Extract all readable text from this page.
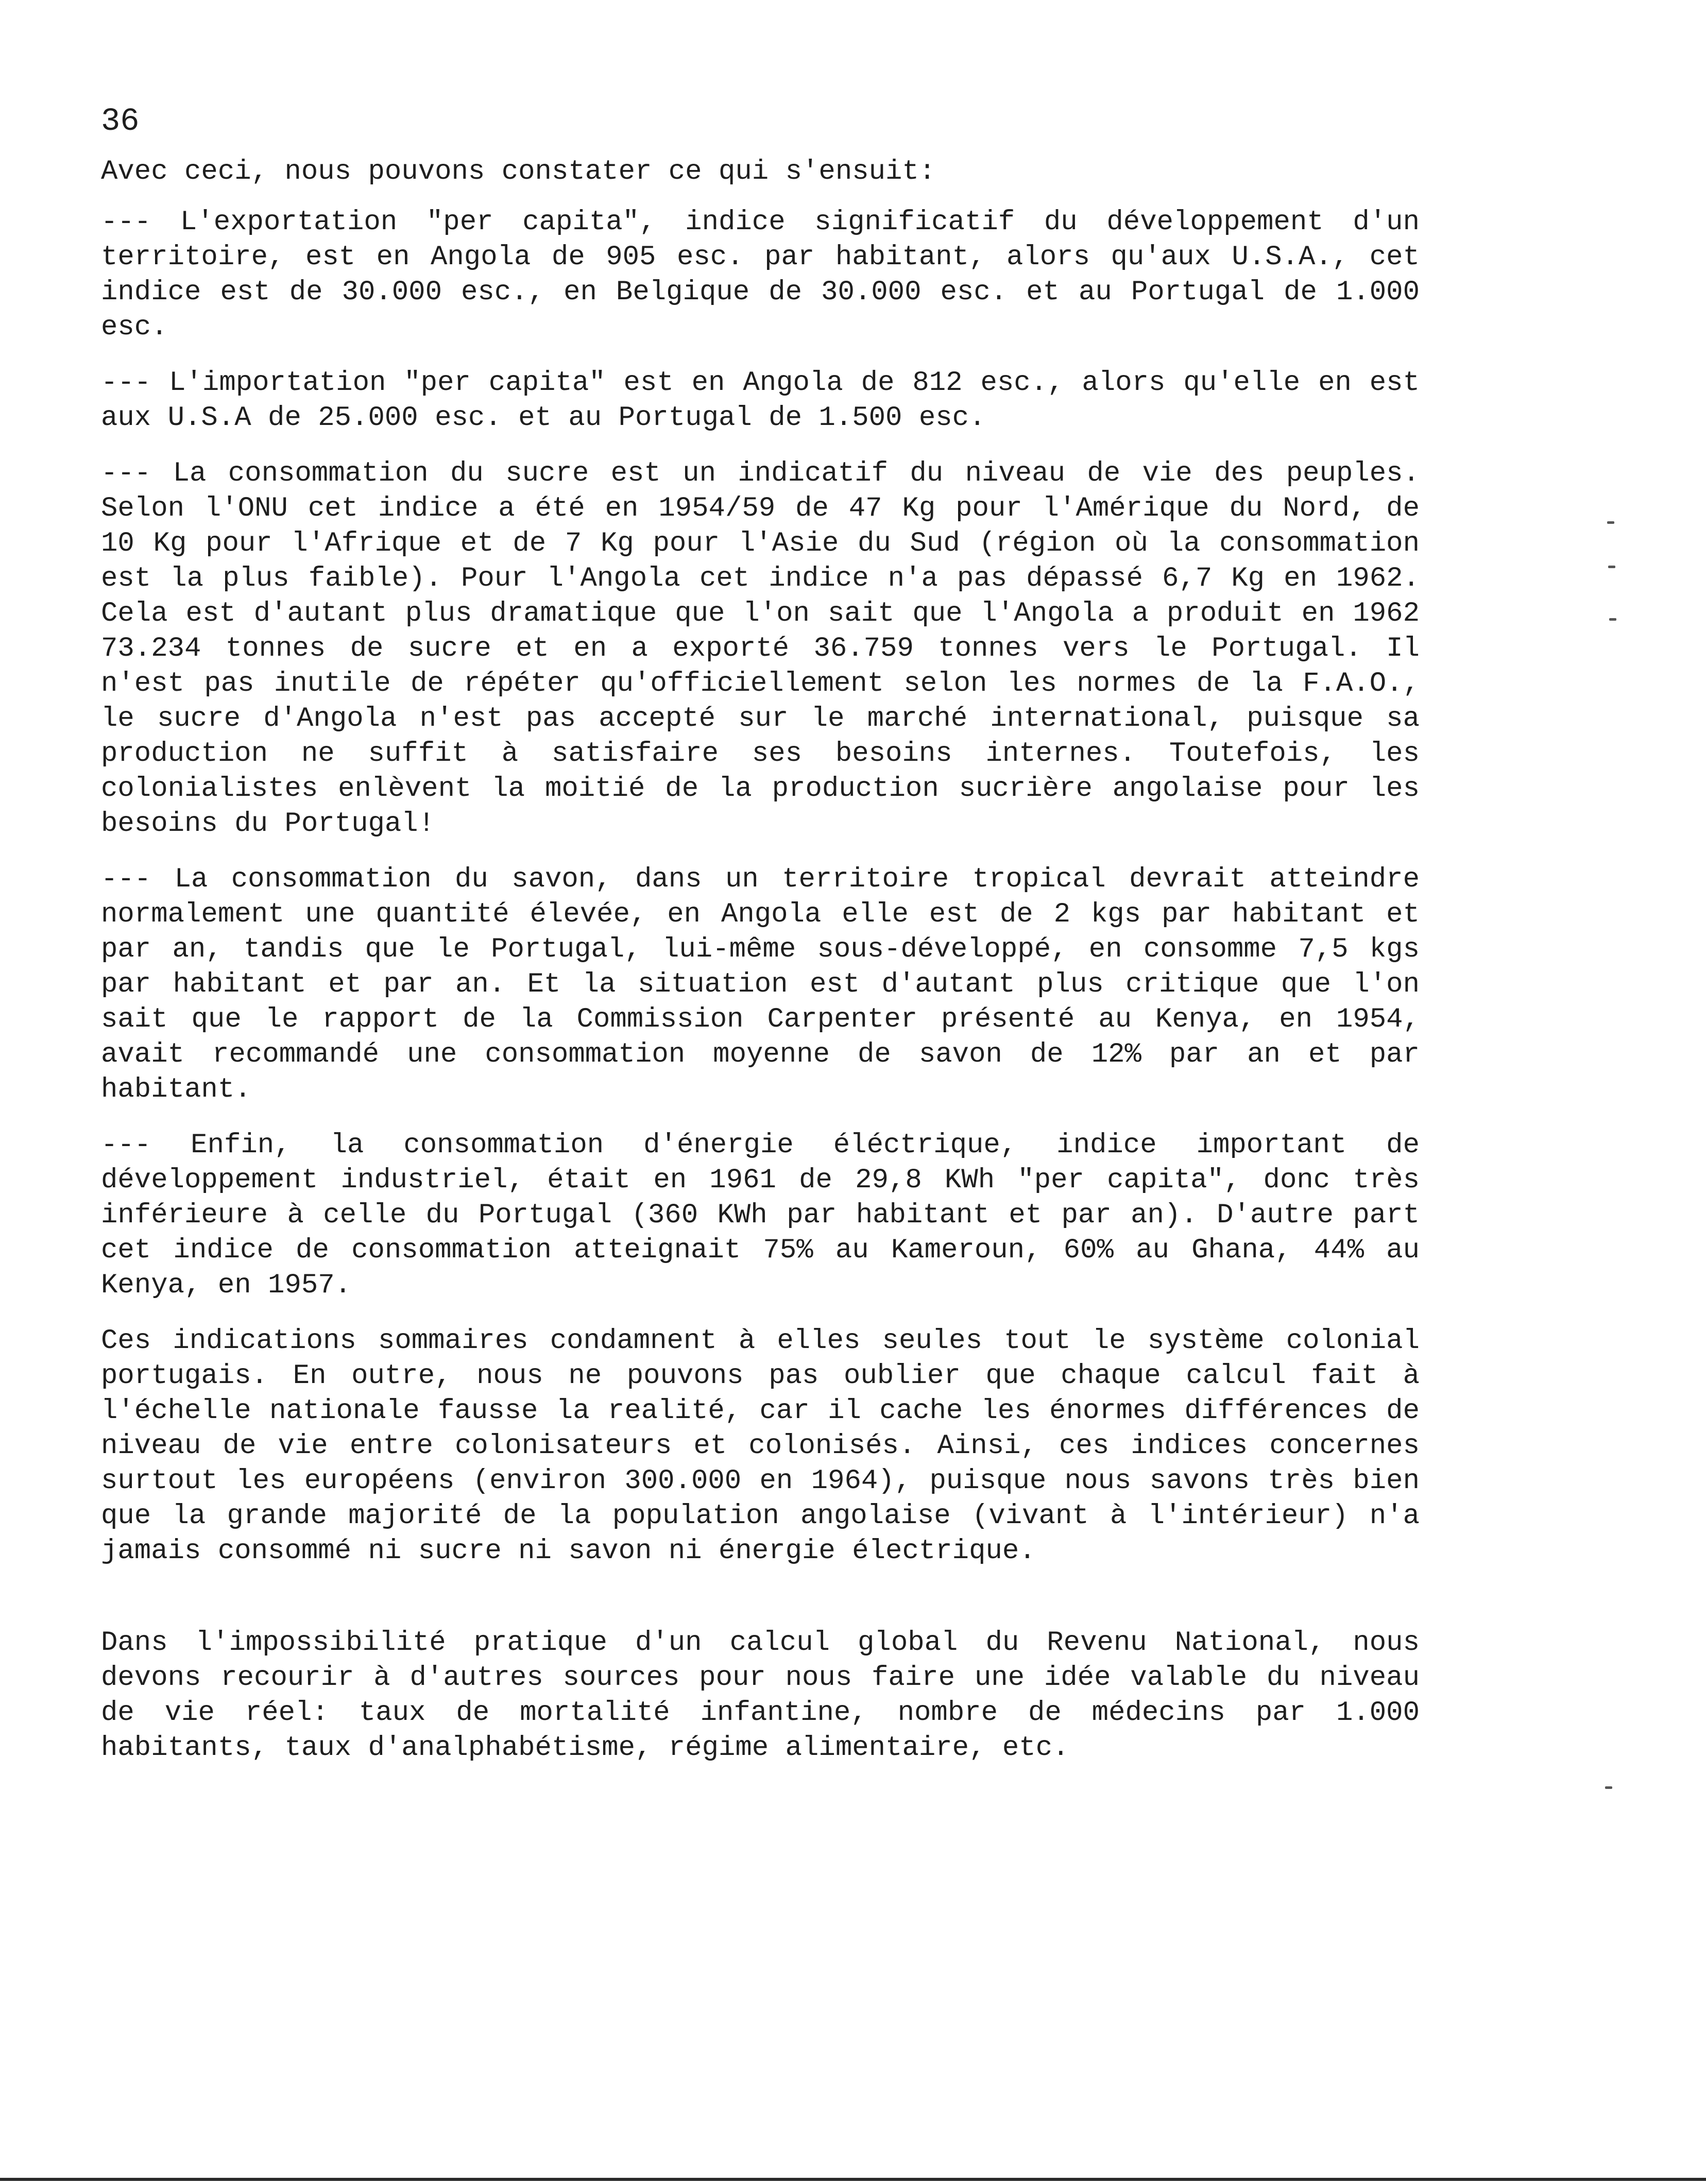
36

Avec ceci, nous pouvons constater ce qui s'ensuit:

--- L'exportation "per capita", indice significatif du développement d'un territoire, est en Angola de 905 esc. par habitant, alors qu'aux U.S.A., cet indice est de 30.000 esc., en Belgique de 30.000 esc. et au Portugal de 1.000 esc.

--- L'importation "per capita" est en Angola de 812 esc., alors qu'elle en est aux U.S.A de 25.000 esc. et au Portugal de 1.500 esc.

--- La consommation du sucre est un indicatif du niveau de vie des peuples. Selon l'ONU cet indice a été en 1954/59 de 47 Kg pour l'Amérique du Nord, de 10 Kg pour l'Afrique et de 7 Kg pour l'Asie du Sud (région où la consommation est la plus faible). Pour l'Angola cet indice n'a pas dépassé 6,7 Kg en 1962. Cela est d'autant plus dramatique que l'on sait que l'Angola a produit en 1962 73.234 tonnes de sucre et en a exporté 36.759 tonnes vers le Portugal. Il n'est pas inutile de répéter qu'officiellement selon les normes de la F.A.O., le sucre d'Angola n'est pas accepté sur le marché international, puisque sa production ne suffit à satisfaire ses besoins internes. Toutefois, les colonialistes enlèvent la moitié de la production sucrière angolaise pour les besoins du Portugal!

--- La consommation du savon, dans un territoire tropical devrait atteindre normalement une quantité élevée, en Angola elle est de 2 kgs par habitant et par an, tandis que le Portugal, lui-même sous-développé, en consomme 7,5 kgs par habitant et par an. Et la situation est d'autant plus critique que l'on sait que le rapport de la Commission Carpenter présenté au Kenya, en 1954, avait recommandé une consommation moyenne de savon de 12% par an et par habitant.

--- Enfin, la consommation d'énergie éléctrique, indice important de développement industriel, était en 1961 de 29,8 KWh "per capita", donc très inférieure à celle du Portugal (360 KWh par habitant et par an). D'autre part cet indice de consommation atteignait 75% au Kameroun, 60% au Ghana, 44% au Kenya, en 1957.

Ces indications sommaires condamnent à elles seules tout le système colonial portugais. En outre, nous ne pouvons pas oublier que chaque calcul fait à l'échelle nationale fausse la realité, car il cache les énormes différences de niveau de vie entre colonisateurs et colonisés. Ainsi, ces indices concernes surtout les européens (environ 300.000 en 1964), puisque nous savons très bien que la grande majorité de la population angolaise (vivant à l'intérieur) n'a jamais consommé ni sucre ni savon ni énergie électrique.

Dans l'impossibilité pratique d'un calcul global du Revenu National, nous devons recourir à d'autres sources pour nous faire une idée valable du niveau de vie réel: taux de mortalité infantine, nombre de médecins par 1.000 habitants, taux d'analphabétisme, régime alimentaire, etc.
